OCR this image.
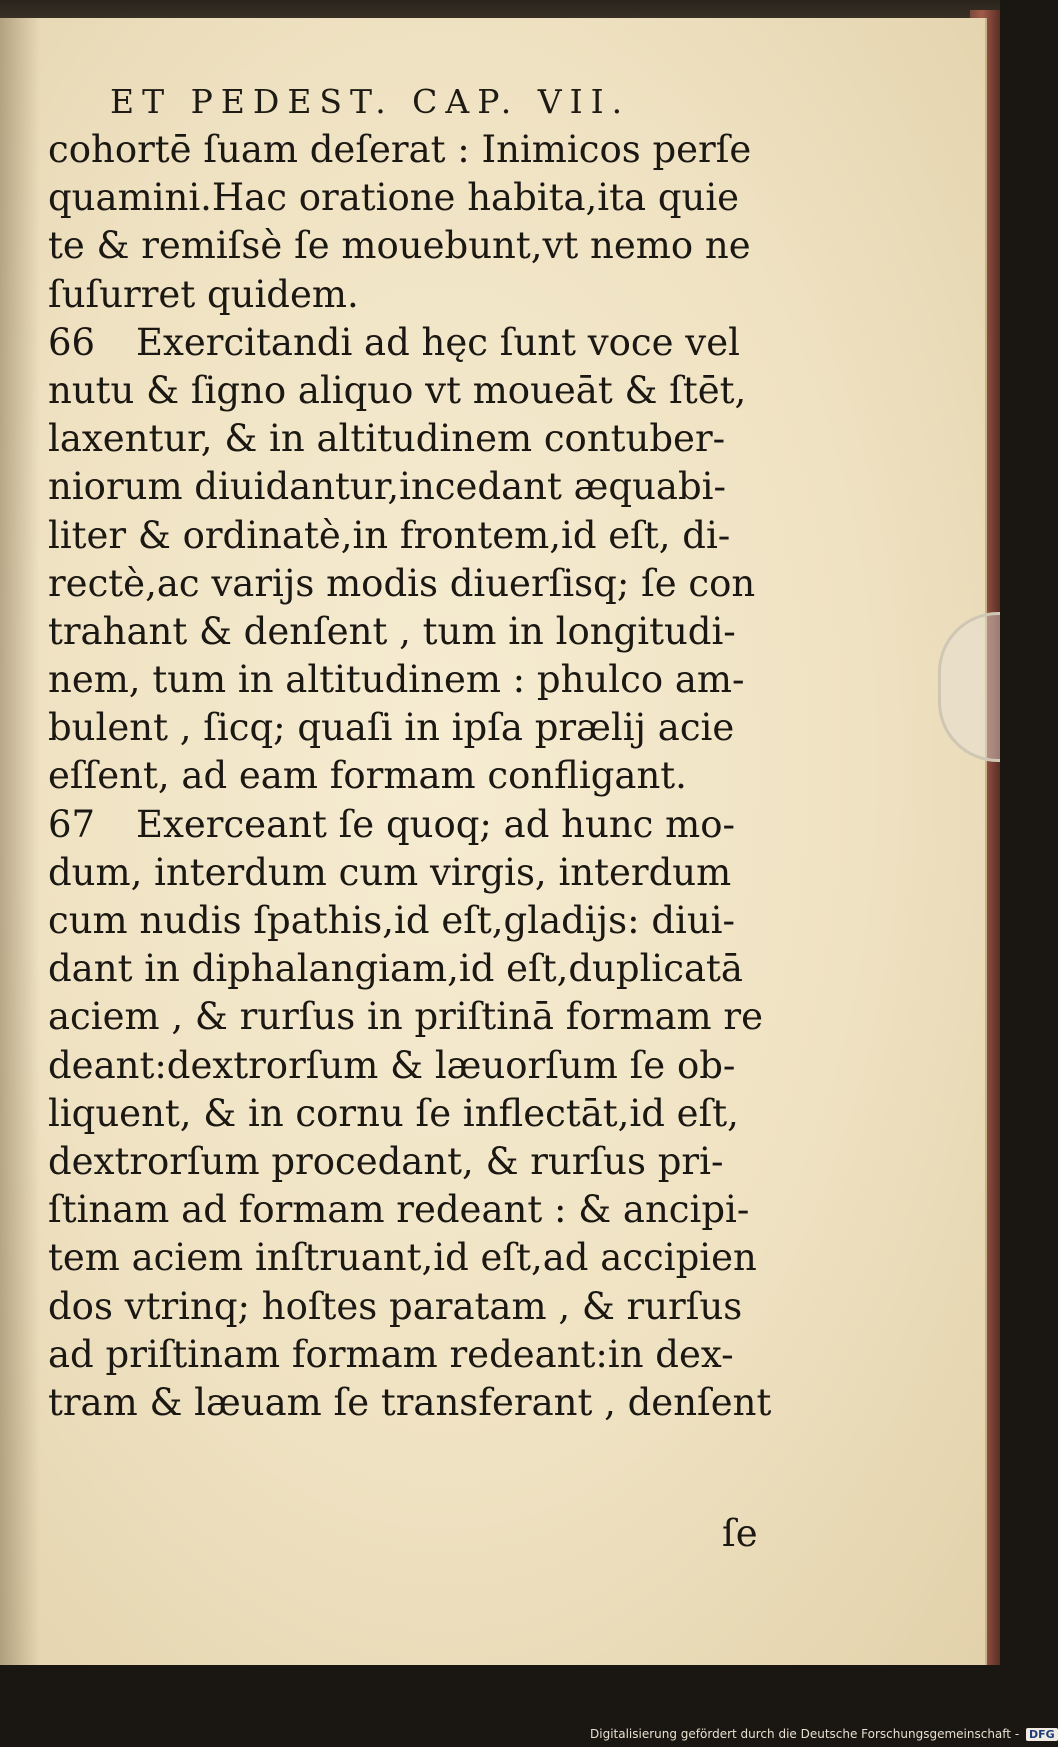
ET PEDEST. CAP. VII.
cohortē ſuam deſerat : Inimicos perſe
quamini.Hac oratione habita,ita quie
te & remiſsè ſe mouebunt,vt nemo ne
ſuſurret quidem.
66 Exercitandi ad hęc ſunt voce vel
nutu & ſigno aliquo vt moueāt & ſtēt,
laxentur, & in altitudinem contuber-
niorum diuidantur,incedant æquabi-
liter & ordinatè,in frontem,id eſt, di-
rectè,ac varijs modis diuerſisq; ſe con
trahant & denſent , tum in longitudi-
nem, tum in altitudinem : phulco am-
bulent , ſicq; quaſi in ipſa prælij acie
eſſent, ad eam formam confligant.
67 Exerceant ſe quoq; ad hunc mo-
dum, interdum cum virgis, interdum
cum nudis ſpathis,id eſt,gladijs: diui-
dant in diphalangiam,id eſt,duplicatā
aciem , & rurſus in priſtinā formam re
deant:dextrorſum & læuorſum ſe ob-
liquent, & in cornu ſe inflectāt,id eſt,
dextrorſum procedant, & rurſus pri-
ſtinam ad formam redeant : & ancipi-
tem aciem inſtruant,id eſt,ad accipien
dos vtrinq; hoſtes paratam , & rurſus
ad priſtinam formam redeant:in dex-
tram & læuam ſe transferant , denſent
ſe
Digitalisierung gefördert durch die Deutsche Forschungsgemeinschaft - DFG
